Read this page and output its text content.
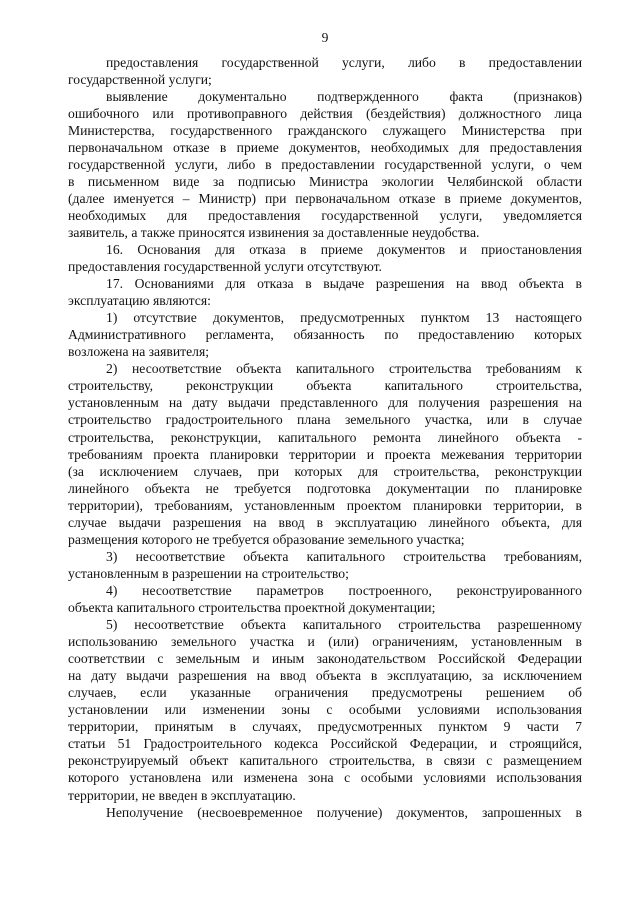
9
предоставления государственной услуги, либо в предоставлении
государственной услуги;
выявление документально подтвержденного факта (признаков)
ошибочного или противоправного действия (бездействия) должностного лица
Министерства, государственного гражданского служащего Министерства при
первоначальном отказе в приеме документов, необходимых для предоставления
государственной услуги, либо в предоставлении государственной услуги, о чем
в письменном виде за подписью Министра экологии Челябинской области
(далее именуется – Министр) при первоначальном отказе в приеме документов,
необходимых для предоставления государственной услуги, уведомляется
заявитель, а также приносятся извинения за доставленные неудобства.
16. Основания для отказа в приеме документов и приостановления
предоставления государственной услуги отсутствуют.
17. Основаниями для отказа в выдаче разрешения на ввод объекта в
эксплуатацию являются:
1) отсутствие документов, предусмотренных пунктом 13 настоящего
Административного регламента, обязанность по предоставлению которых
возложена на заявителя;
2) несоответствие объекта капитального строительства требованиям к
строительству, реконструкции объекта капитального строительства,
установленным на дату выдачи представленного для получения разрешения на
строительство градостроительного плана земельного участка, или в случае
строительства, реконструкции, капитального ремонта линейного объекта -
требованиям проекта планировки территории и проекта межевания территории
(за исключением случаев, при которых для строительства, реконструкции
линейного объекта не требуется подготовка документации по планировке
территории), требованиям, установленным проектом планировки территории, в
случае выдачи разрешения на ввод в эксплуатацию линейного объекта, для
размещения которого не требуется образование земельного участка;
3) несоответствие объекта капитального строительства требованиям,
установленным в разрешении на строительство;
4) несоответствие параметров построенного, реконструированного
объекта капитального строительства проектной документации;
5) несоответствие объекта капитального строительства разрешенному
использованию земельного участка и (или) ограничениям, установленным в
соответствии с земельным и иным законодательством Российской Федерации
на дату выдачи разрешения на ввод объекта в эксплуатацию, за исключением
случаев, если указанные ограничения предусмотрены решением об
установлении или изменении зоны с особыми условиями использования
территории, принятым в случаях, предусмотренных пунктом 9 части 7
статьи 51 Градостроительного кодекса Российской Федерации, и строящийся,
реконструируемый объект капитального строительства, в связи с размещением
которого установлена или изменена зона с особыми условиями использования
территории, не введен в эксплуатацию.
Неполучение (несвоевременное получение) документов, запрошенных в
